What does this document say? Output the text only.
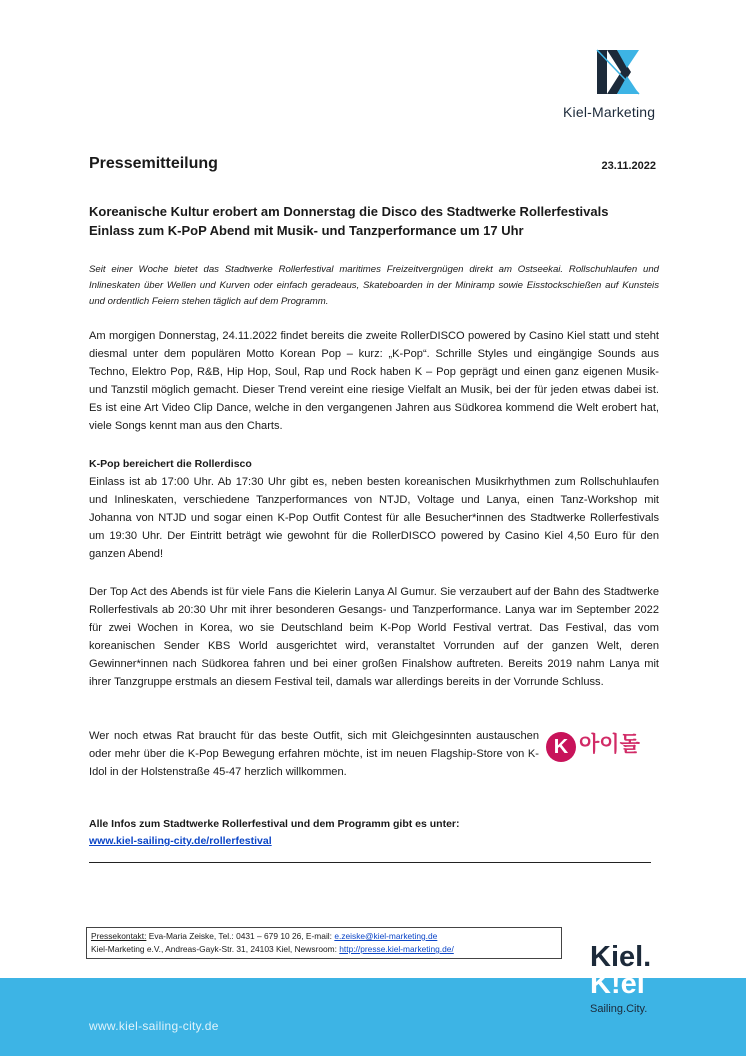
Kiel-Marketing
Pressemitteilung	23.11.2022
Koreanische Kultur erobert am Donnerstag die Disco des Stadtwerke Rollerfestivals
Einlass zum K-PoP Abend mit Musik- und Tanzperformance um 17 Uhr
Seit einer Woche bietet das Stadtwerke Rollerfestival maritimes Freizeitvergnügen direkt am Ostseekai. Rollschuhlaufen und Inlineskaten über Wellen und Kurven oder einfach geradeaus, Skateboarden in der Miniramp sowie Eisstockschießen auf Kunsteis und ordentlich Feiern stehen täglich auf dem Programm.
Am morgigen Donnerstag, 24.11.2022 findet bereits die zweite RollerDISCO powered by Casino Kiel statt und steht diesmal unter dem populären Motto Korean Pop – kurz: „K-Pop“. Schrille Styles und eingängige Sounds aus Techno, Elektro Pop, R&B, Hip Hop, Soul, Rap und Rock haben K – Pop geprägt und einen ganz eigenen Musik- und Tanzstil möglich gemacht. Dieser Trend vereint eine riesige Vielfalt an Musik, bei der für jeden etwas dabei ist. Es ist eine Art Video Clip Dance, welche in den vergangenen Jahren aus Südkorea kommend die Welt erobert hat, viele Songs kennt man aus den Charts.
K-Pop bereichert die Rollerdisco
Einlass ist ab 17:00 Uhr. Ab 17:30 Uhr gibt es, neben besten koreanischen Musikrhythmen zum Rollschuhlaufen und Inlineskaten, verschiedene Tanzperformances von NTJD, Voltage und Lanya, einen Tanz-Workshop mit Johanna von NTJD und sogar einen K-Pop Outfit Contest für alle Besucher*innen des Stadtwerke Rollerfestivals um 19:30 Uhr. Der Eintritt beträgt wie gewohnt für die RollerDISCO powered by Casino Kiel 4,50 Euro für den ganzen Abend!
Der Top Act des Abends ist für viele Fans die Kielerin Lanya Al Gumur. Sie verzaubert auf der Bahn des Stadtwerke Rollerfestivals ab 20:30 Uhr mit ihrer besonderen Gesangs- und Tanzperformance. Lanya war im September 2022 für zwei Wochen in Korea, wo sie Deutschland beim K-Pop World Festival vertrat. Das Festival, das vom koreanischen Sender KBS World ausgerichtet wird, veranstaltet Vorrunden auf der ganzen Welt, deren Gewinner*innen nach Südkorea fahren und bei einer großen Finalshow auftreten. Bereits 2019 nahm Lanya mit ihrer Tanzgruppe erstmals an diesem Festival teil, damals war allerdings bereits in der Vorrunde Schluss.
Wer noch etwas Rat braucht für das beste Outfit, sich mit Gleichgesinnten austauschen oder mehr über die K-Pop Bewegung erfahren möchte, ist im neuen Flagship-Store von K-Idol in der Holstenstraße 45-47 herzlich willkommen.
K 아이돌
Alle Infos zum Stadtwerke Rollerfestival und dem Programm gibt es unter:
www.kiel-sailing-city.de/rollerfestival
Pressekontakt: Eva-Maria Zeiske, Tel.: 0431 – 679 10 26, E-mail: e.zeiske@kiel-marketing.de
Kiel-Marketing e.V., Andreas-Gayk-Str. 31, 24103 Kiel, Newsroom: http://presse.kiel-marketing.de/
www.kiel-sailing-city.de
Kiel.
K!el
Sailing.City.
